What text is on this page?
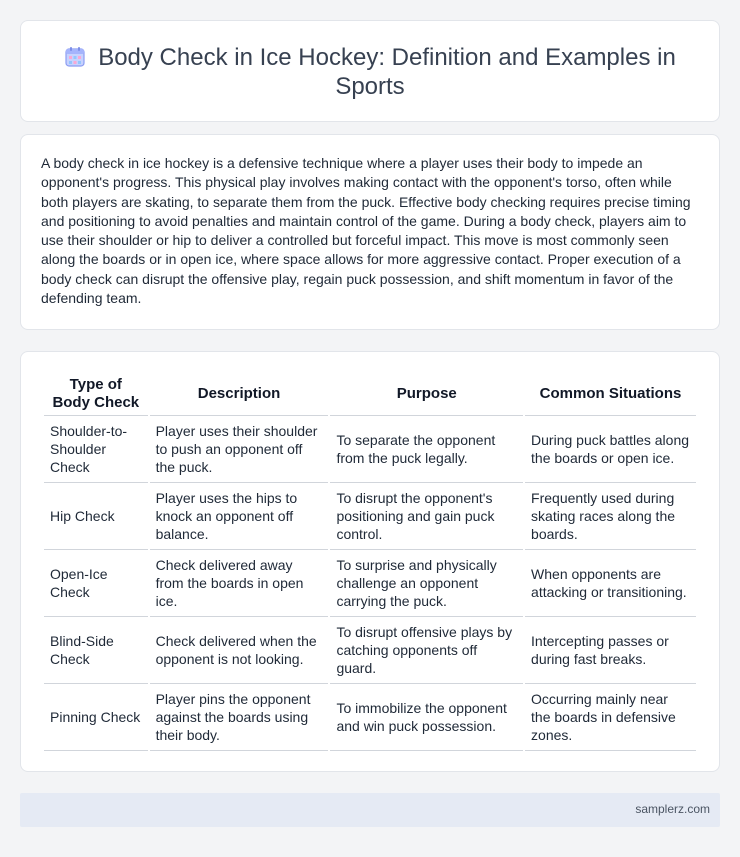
Body Check in Ice Hockey: Definition and Examples in Sports

A body check in ice hockey is a defensive technique where a player uses their body to impede an opponent's progress. This physical play involves making contact with the opponent's torso, often while both players are skating, to separate them from the puck. Effective body checking requires precise timing and positioning to avoid penalties and maintain control of the game. During a body check, players aim to use their shoulder or hip to deliver a controlled but forceful impact. This move is most commonly seen along the boards or in open ice, where space allows for more aggressive contact. Proper execution of a body check can disrupt the offensive play, regain puck possession, and shift momentum in favor of the defending team.

Type of Body Check	Description	Purpose	Common Situations
Shoulder-to-Shoulder Check	Player uses their shoulder to push an opponent off the puck.	To separate the opponent from the puck legally.	During puck battles along the boards or open ice.
Hip Check	Player uses the hips to knock an opponent off balance.	To disrupt the opponent's positioning and gain puck control.	Frequently used during skating races along the boards.
Open-Ice Check	Check delivered away from the boards in open ice.	To surprise and physically challenge an opponent carrying the puck.	When opponents are attacking or transitioning.
Blind-Side Check	Check delivered when the opponent is not looking.	To disrupt offensive plays by catching opponents off guard.	Intercepting passes or during fast breaks.
Pinning Check	Player pins the opponent against the boards using their body.	To immobilize the opponent and win puck possession.	Occurring mainly near the boards in defensive zones.
samplerz.com
